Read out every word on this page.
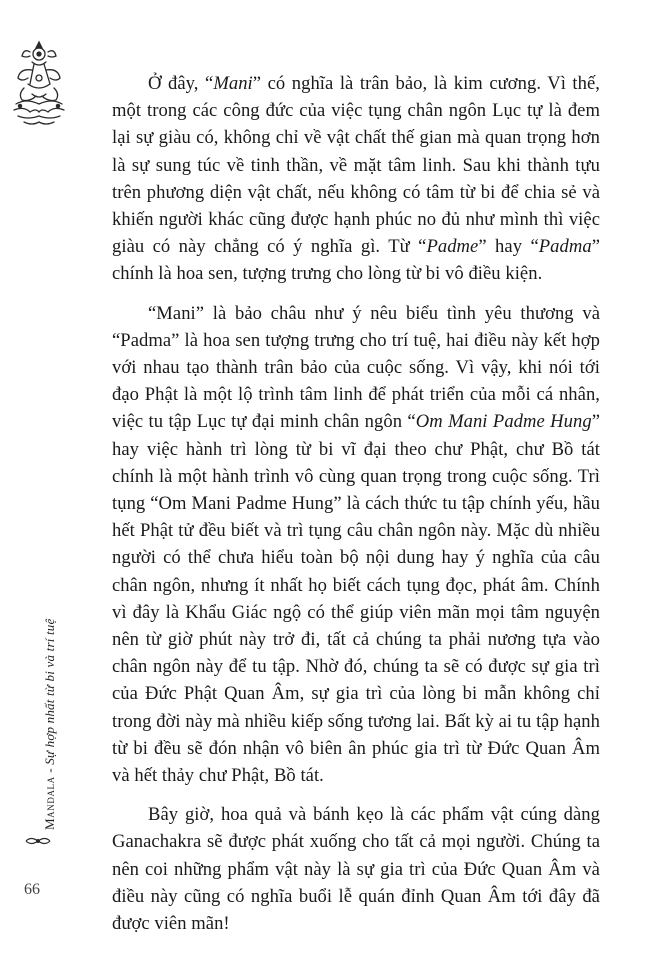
Ở đây, “Mani” có nghĩa là trân bảo, là kim cương. Vì thế, một trong các công đức của việc tụng chân ngôn Lục tự là đem lại sự giàu có, không chỉ về vật chất thế gian mà quan trọng hơn là sự sung túc về tinh thần, về mặt tâm linh. Sau khi thành tựu trên phương diện vật chất, nếu không có tâm từ bi để chia sẻ và khiến người khác cũng được hạnh phúc no đủ như mình thì việc giàu có này chẳng có ý nghĩa gì. Từ “Padme” hay “Padma” chính là hoa sen, tượng trưng cho lòng từ bi vô điều kiện.

“Mani” là bảo châu như ý nêu biểu tình yêu thương và “Padma” là hoa sen tượng trưng cho trí tuệ, hai điều này kết hợp với nhau tạo thành trân bảo của cuộc sống. Vì vậy, khi nói tới đạo Phật là một lộ trình tâm linh để phát triển của mỗi cá nhân, việc tu tập Lục tự đại minh chân ngôn “Om Mani Padme Hung” hay việc hành trì lòng từ bi vĩ đại theo chư Phật, chư Bồ tát chính là một hành trình vô cùng quan trọng trong cuộc sống. Trì tụng “Om Mani Padme Hung” là cách thức tu tập chính yếu, hầu hết Phật tử đều biết và trì tụng câu chân ngôn này. Mặc dù nhiều người có thể chưa hiểu toàn bộ nội dung hay ý nghĩa của câu chân ngôn, nhưng ít nhất họ biết cách tụng đọc, phát âm. Chính vì đây là Khẩu Giác ngộ có thể giúp viên mãn mọi tâm nguyện nên từ giờ phút này trở đi, tất cả chúng ta phải nương tựa vào chân ngôn này để tu tập. Nhờ đó, chúng ta sẽ có được sự gia trì của Đức Phật Quan Âm, sự gia trì của lòng bi mẫn không chỉ trong đời này mà nhiều kiếp sống tương lai. Bất kỳ ai tu tập hạnh từ bi đều sẽ đón nhận vô biên ân phúc gia trì từ Đức Quan Âm và hết thảy chư Phật, Bồ tát.

Bây giờ, hoa quả và bánh kẹo là các phẩm vật cúng dàng Ganachakra sẽ được phát xuống cho tất cả mọi người. Chúng ta nên coi những phẩm vật này là sự gia trì của Đức Quan Âm và điều này cũng có nghĩa buổi lễ quán đỉnh Quan Âm tới đây đã được viên mãn!

Mandala - Sự hợp nhất từ bi và trí tuệ
66
